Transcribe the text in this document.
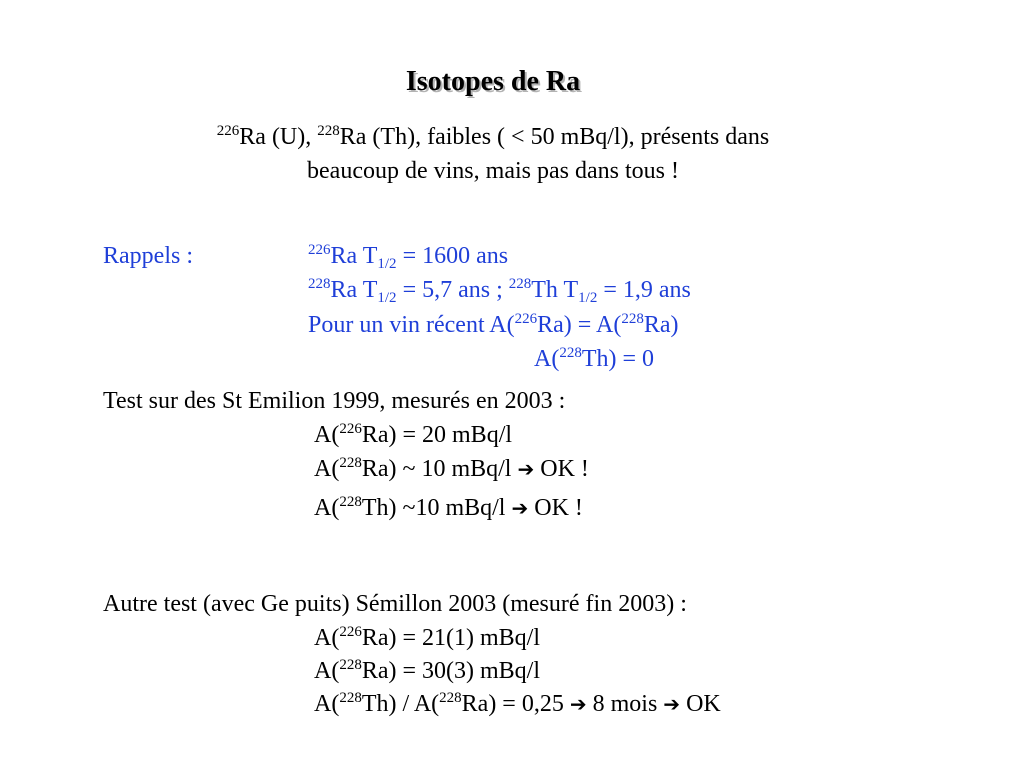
Isotopes de Ra
$^{226}$Ra (U), $^{228}$Ra (Th), faibles ( < 50 mBq/l), présents dans
beaucoup de vins, mais pas dans tous !
Rappels :	$^{226}$Ra $T_{1/2} = 1600$ ans
$^{228}$Ra $T_{1/2} = 5,7$ ans ; $^{228}$Th $T_{1/2} = 1,9$ ans
Pour un vin récent A($^{226}$Ra) = A($^{228}$Ra)
A($^{228}$Th) = 0
Test sur des St Emilion 1999, mesurés en 2003 :
A($^{226}$Ra) = 20 mBq/l
A($^{228}$Ra) ~ 10 mBq/l ➔ OK !
A($^{228}$Th) ~10 mBq/l ➔ OK !
Autre test (avec Ge puits) Sémillon 2003 (mesuré fin 2003) :
A($^{226}$Ra) = 21(1) mBq/l
A($^{228}$Ra) = 30(3) mBq/l
A($^{228}$Th) / A($^{228}$Ra) = 0,25 ➔ 8 mois ➔ OK
